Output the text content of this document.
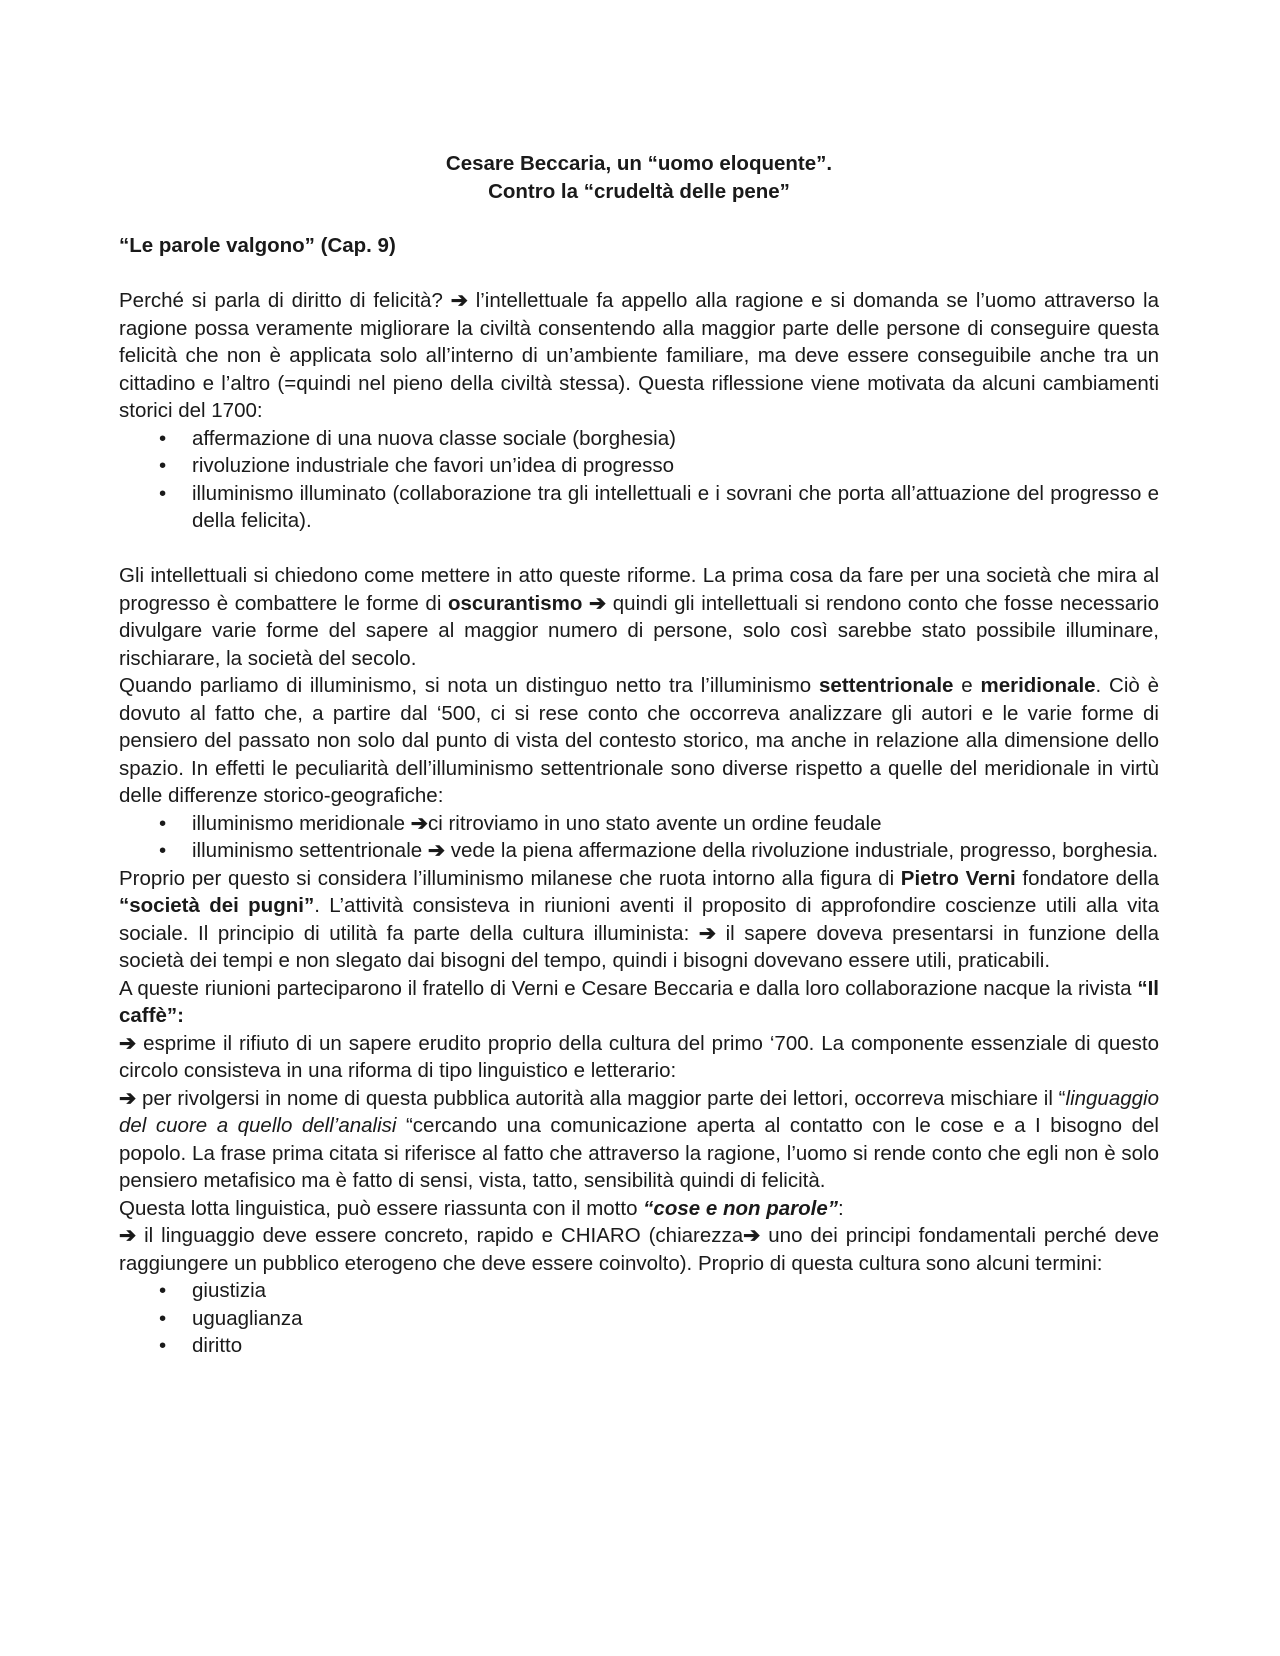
Cesare Beccaria, un “uomo eloquente”.

Contro la “crudeltà delle pene”

“Le parole valgono” (Cap. 9)

Perché si parla di diritto di felicità? ➔ l’intellettuale fa appello alla ragione e si domanda se l’uomo attraverso la ragione possa veramente migliorare la civiltà consentendo alla maggior parte delle persone di conseguire questa felicità che non è applicata solo all’interno di un’ambiente familiare, ma deve essere conseguibile anche tra un cittadino e l’altro (=quindi nel pieno della civiltà stessa). Questa riflessione viene motivata da alcuni cambiamenti storici del 1700:

• affermazione di una nuova classe sociale (borghesia)
• rivoluzione industriale che favori un’idea di progresso
• illuminismo illuminato (collaborazione tra gli intellettuali e i sovrani che porta all’attuazione del progresso e della felicita).

Gli intellettuali si chiedono come mettere in atto queste riforme. La prima cosa da fare per una società che mira al progresso è combattere le forme di oscurantismo ➔ quindi gli intellettuali si rendono conto che fosse necessario divulgare varie forme del sapere al maggior numero di persone, solo così sarebbe stato possibile illuminare, rischiarare, la società del secolo.

Quando parliamo di illuminismo, si nota un distinguo netto tra l’illuminismo settentrionale e meridionale. Ciò è dovuto al fatto che, a partire dal ‘500, ci si rese conto che occorreva analizzare gli autori e le varie forme di pensiero del passato non solo dal punto di vista del contesto storico, ma anche in relazione alla dimensione dello spazio. In effetti le peculiarità dell’illuminismo settentrionale sono diverse rispetto a quelle del meridionale in virtù delle differenze storico-geografiche:

• illuminismo meridionale ➔ci ritroviamo in uno stato avente un ordine feudale
• illuminismo settentrionale ➔ vede la piena affermazione della rivoluzione industriale, progresso, borghesia.

Proprio per questo si considera l’illuminismo milanese che ruota intorno alla figura di Pietro Verni fondatore della “società dei pugni”. L’attività consisteva in riunioni aventi il proposito di approfondire coscienze utili alla vita sociale. Il principio di utilità fa parte della cultura illuminista: ➔ il sapere doveva presentarsi in funzione della società dei tempi e non slegato dai bisogni del tempo, quindi i bisogni dovevano essere utili, praticabili.

A queste riunioni parteciparono il fratello di Verni e Cesare Beccaria e dalla loro collaborazione nacque la rivista “Il caffè”:

➔ esprime il rifiuto di un sapere erudito proprio della cultura del primo ‘700. La componente essenziale di questo circolo consisteva in una riforma di tipo linguistico e letterario:

➔ per rivolgersi in nome di questa pubblica autorità alla maggior parte dei lettori, occorreva mischiare il “linguaggio del cuore a quello dell’analisi “cercando una comunicazione aperta al contatto con le cose e a I bisogno del popolo. La frase prima citata si riferisce al fatto che attraverso la ragione, l’uomo si rende conto che egli non è solo pensiero metafisico ma è fatto di sensi, vista, tatto, sensibilità quindi di felicità.

Questa lotta linguistica, può essere riassunta con il motto “cose e non parole”:

➔ il linguaggio deve essere concreto, rapido e CHIARO (chiarezza➔ uno dei principi fondamentali perché deve raggiungere un pubblico eterogeno che deve essere coinvolto). Proprio di questa cultura sono alcuni termini:

• giustizia
• uguaglianza
• diritto
